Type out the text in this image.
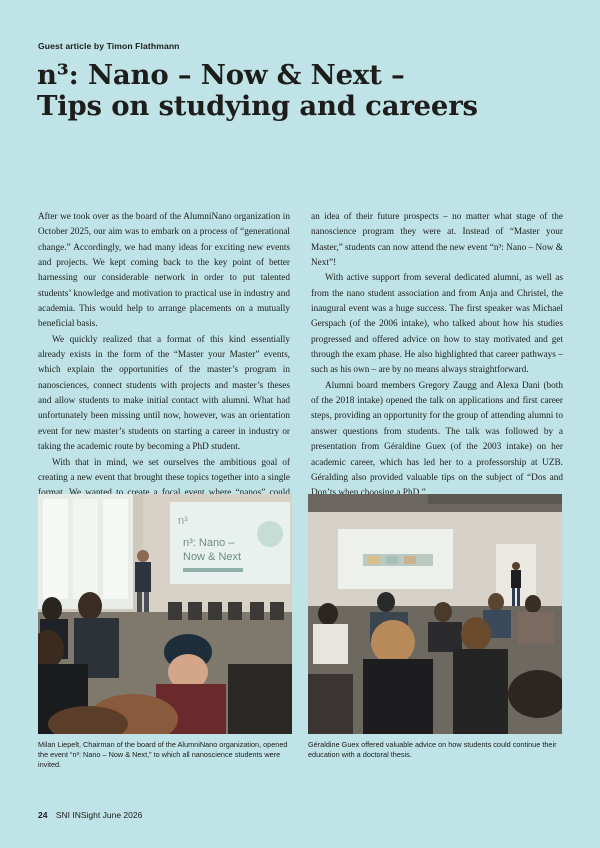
Guest article by Timon Flathmann
n³: Nano – Now & Next –
Tips on studying and careers

After we took over as the board of the AlumniNano organization in October 2025, our aim was to embark on a process of “generational change.” Accordingly, we had many ideas for exciting new events and projects. We kept coming back to the key point of better harnessing our considerable network in order to put talented students’ knowledge and motivation to practical use in industry and academia. This would help to arrange placements on a mutually beneficial basis.

We quickly realized that a format of this kind essentially already exists in the form of the “Master your Master” events, which explain the opportunities of the master’s program in nanosciences, connect students with projects and master’s theses and allow students to make initial contact with alumni. What had unfortunately been missing until now, however, was an orientation event for new master’s students on starting a career in industry or taking the academic route by becoming a PhD student.

With that in mind, we set ourselves the ambitious goal of creating a new event that brought these topics together into a single

an idea of their future prospects – no matter what stage of the nanoscience program they were at. Instead of “Master your Master,” students can now attend the new event “n³: Nano – Now & Next”!

With active support from several dedicated alumni, as well as from the nano student association and from Anja and Christel, the inaugural event was a huge success. The first speaker was Michael Gerspach (of the 2006 intake), who talked about how his studies progressed and offered advice on how to stay motivated and get through the exam phase. He also highlighted that career pathways – such as his own – are by no means always straightforward.

Alumni board members Gregory Zaugg and Alexa Dani (both of the 2018 intake) opened the talk on applications and first career steps, providing an opportunity for the group of attending alumni to answer questions from students. The talk was followed by a presentation from Géraldine Guex (of the 2003 intake) on her academic career, which has led her to a professorship at UZB. Géralding also provided valuable tips on the subject of “Dos and

n³
n³: Nano –
Now & Next
Milan Liepelt, Chairman of the board of the AlumniNano organization, opened the event “n³: Nano – Now & Next,” to which all nanoscience students were invited.
Géraldine Guex offered valuable advice on how students could continue their education with a doctoral thesis.
24 SNI INSight June 2026
